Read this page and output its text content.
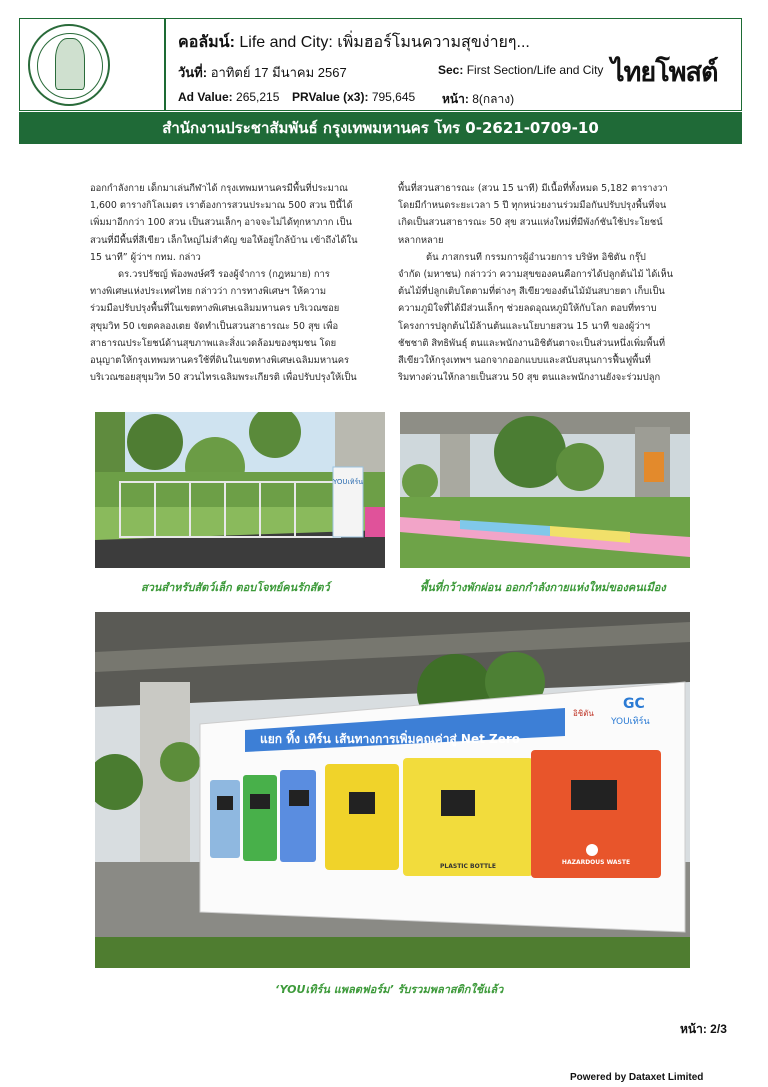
คอลัมน์: Life and City: เพิ่มฮอร์โมนความสุขง่ายๆ...
วันที่: อาทิตย์ 17 มีนาคม 2567	Sec: First Section/Life and City
Ad Value: 265,215 PRValue (x3): 795,645 หน้า: 8(กลาง)
ไทยโพสต์
สำนักงานประชาสัมพันธ์ กรุงเทพมหานคร โทร 0-2621-0709-10

ออกกำลังกาย เด็กมาเล่นกีฬาได้ กรุงเทพมหานครมีพื้นที่ประมาณ

1,600 ตารางกิโลเมตร เราต้องการสวนประมาณ 500 สวน ปีนี้ได้

เพิ่มมาอีกกว่า 100 สวน เป็นสวนเล็กๆ อาจจะไม่ได้ทุกหาภาก เป็น

สวนที่มีพื้นที่สีเขียว เล็กใหญ่ไม่สำคัญ ขอให้อยู่ใกล้บ้าน เข้าถึงได้ใน

15 นาที” ผู้ว่าฯ กทม. กล่าว

ดร.วรปรัชญ์ พ้องพงษ์ศรี รองผู้จำการ (กฎหมาย) การ

ทางพิเศษแห่งประเทศไทย กล่าวว่า การทางพิเศษฯ ให้ความ

ร่วมมือปรับปรุงพื้นที่ในเขตทางพิเศษเฉลิมมหานคร บริเวณซอย

สุขุมวิท 50 เขตคลองเตย จัดทำเป็นสวนสาธารณะ 50 สุข เพื่อ

สาธารณประโยชน์ด้านสุขภาพและสิ่งแวดล้อมของชุมชน โดย

อนุญาตให้กรุงเทพมหานครใช้ที่ดินในเขตทางพิเศษเฉลิมมหานคร

บริเวณซอยสุขุมวิท 50 สวนไทรเฉลิมพระเกียรติ เพื่อปรับปรุงให้เป็น

พื้นที่สวนสาธารณะ (สวน 15 นาที) มีเนื้อที่ทั้งหมด 5,182 ตารางวา

โดยมีกำหนดระยะเวลา 5 ปี ทุกหน่วยงานร่วมมือกันปรับปรุงพื้นที่จน

เกิดเป็นสวนสาธารณะ 50 สุข สวนแห่งใหม่ที่มีพังก์ชันใช้ประโยชน์

หลากหลาย

ต้น ภาสกรนที กรรมการผู้อำนวยการ บริษัท อิชิตัน กรุ๊ป

จำกัด (มหาชน) กล่าวว่า ความสุขของคนคือการได้ปลูกต้นไม้ ได้เห็น

ต้นไม้ที่ปลูกเติบโตตามที่ต่างๆ สีเขียวของต้นไม้มันสบายตา เก็บเป็น

ความภูมิใจที่ได้มีส่วนเล็กๆ ช่วยลดอุณหภูมิให้กับโลก ตอบที่ทราบ

โครงการปลูกต้นไม้ล้านต้นและนโยบายสวน 15 นาที ของผู้ว่าฯ

ชัชชาติ สิทธิพันธุ์ ตนและพนักงานอิชิตันตาจะเป็นส่วนหนึ่งเพิ่มพื้นที่

สีเขียวให้กรุงเทพฯ นอกจากออกแบบและสนับสนุนการฟื้นฟูพื้นที่

ริมทางด่วนให้กลายเป็นสวน 50 สุข ตนและพนักงานยังจะร่วมปลูก

YOUเทิร์น
สวนสำหรับสัตว์เล็ก ตอบโจทย์คนรักสัตว์	พื้นที่กว้างพักผ่อน ออกกำลังกายแห่งใหม่ของคนเมือง
แยก ทิ้ง เทิร์น เส้นทางการเพิ่มคุณค่าสู่ Net Zero
อิชิตัน
GC
YOUเทิร์น
PLASTIC BOTTLE
HAZARDOUS WASTE
‘YOUเทิร์น แพลตฟอร์ม’ รับรวมพลาสติกใช้แล้ว
หน้า: 2/3
Powered by Dataxet Limited
